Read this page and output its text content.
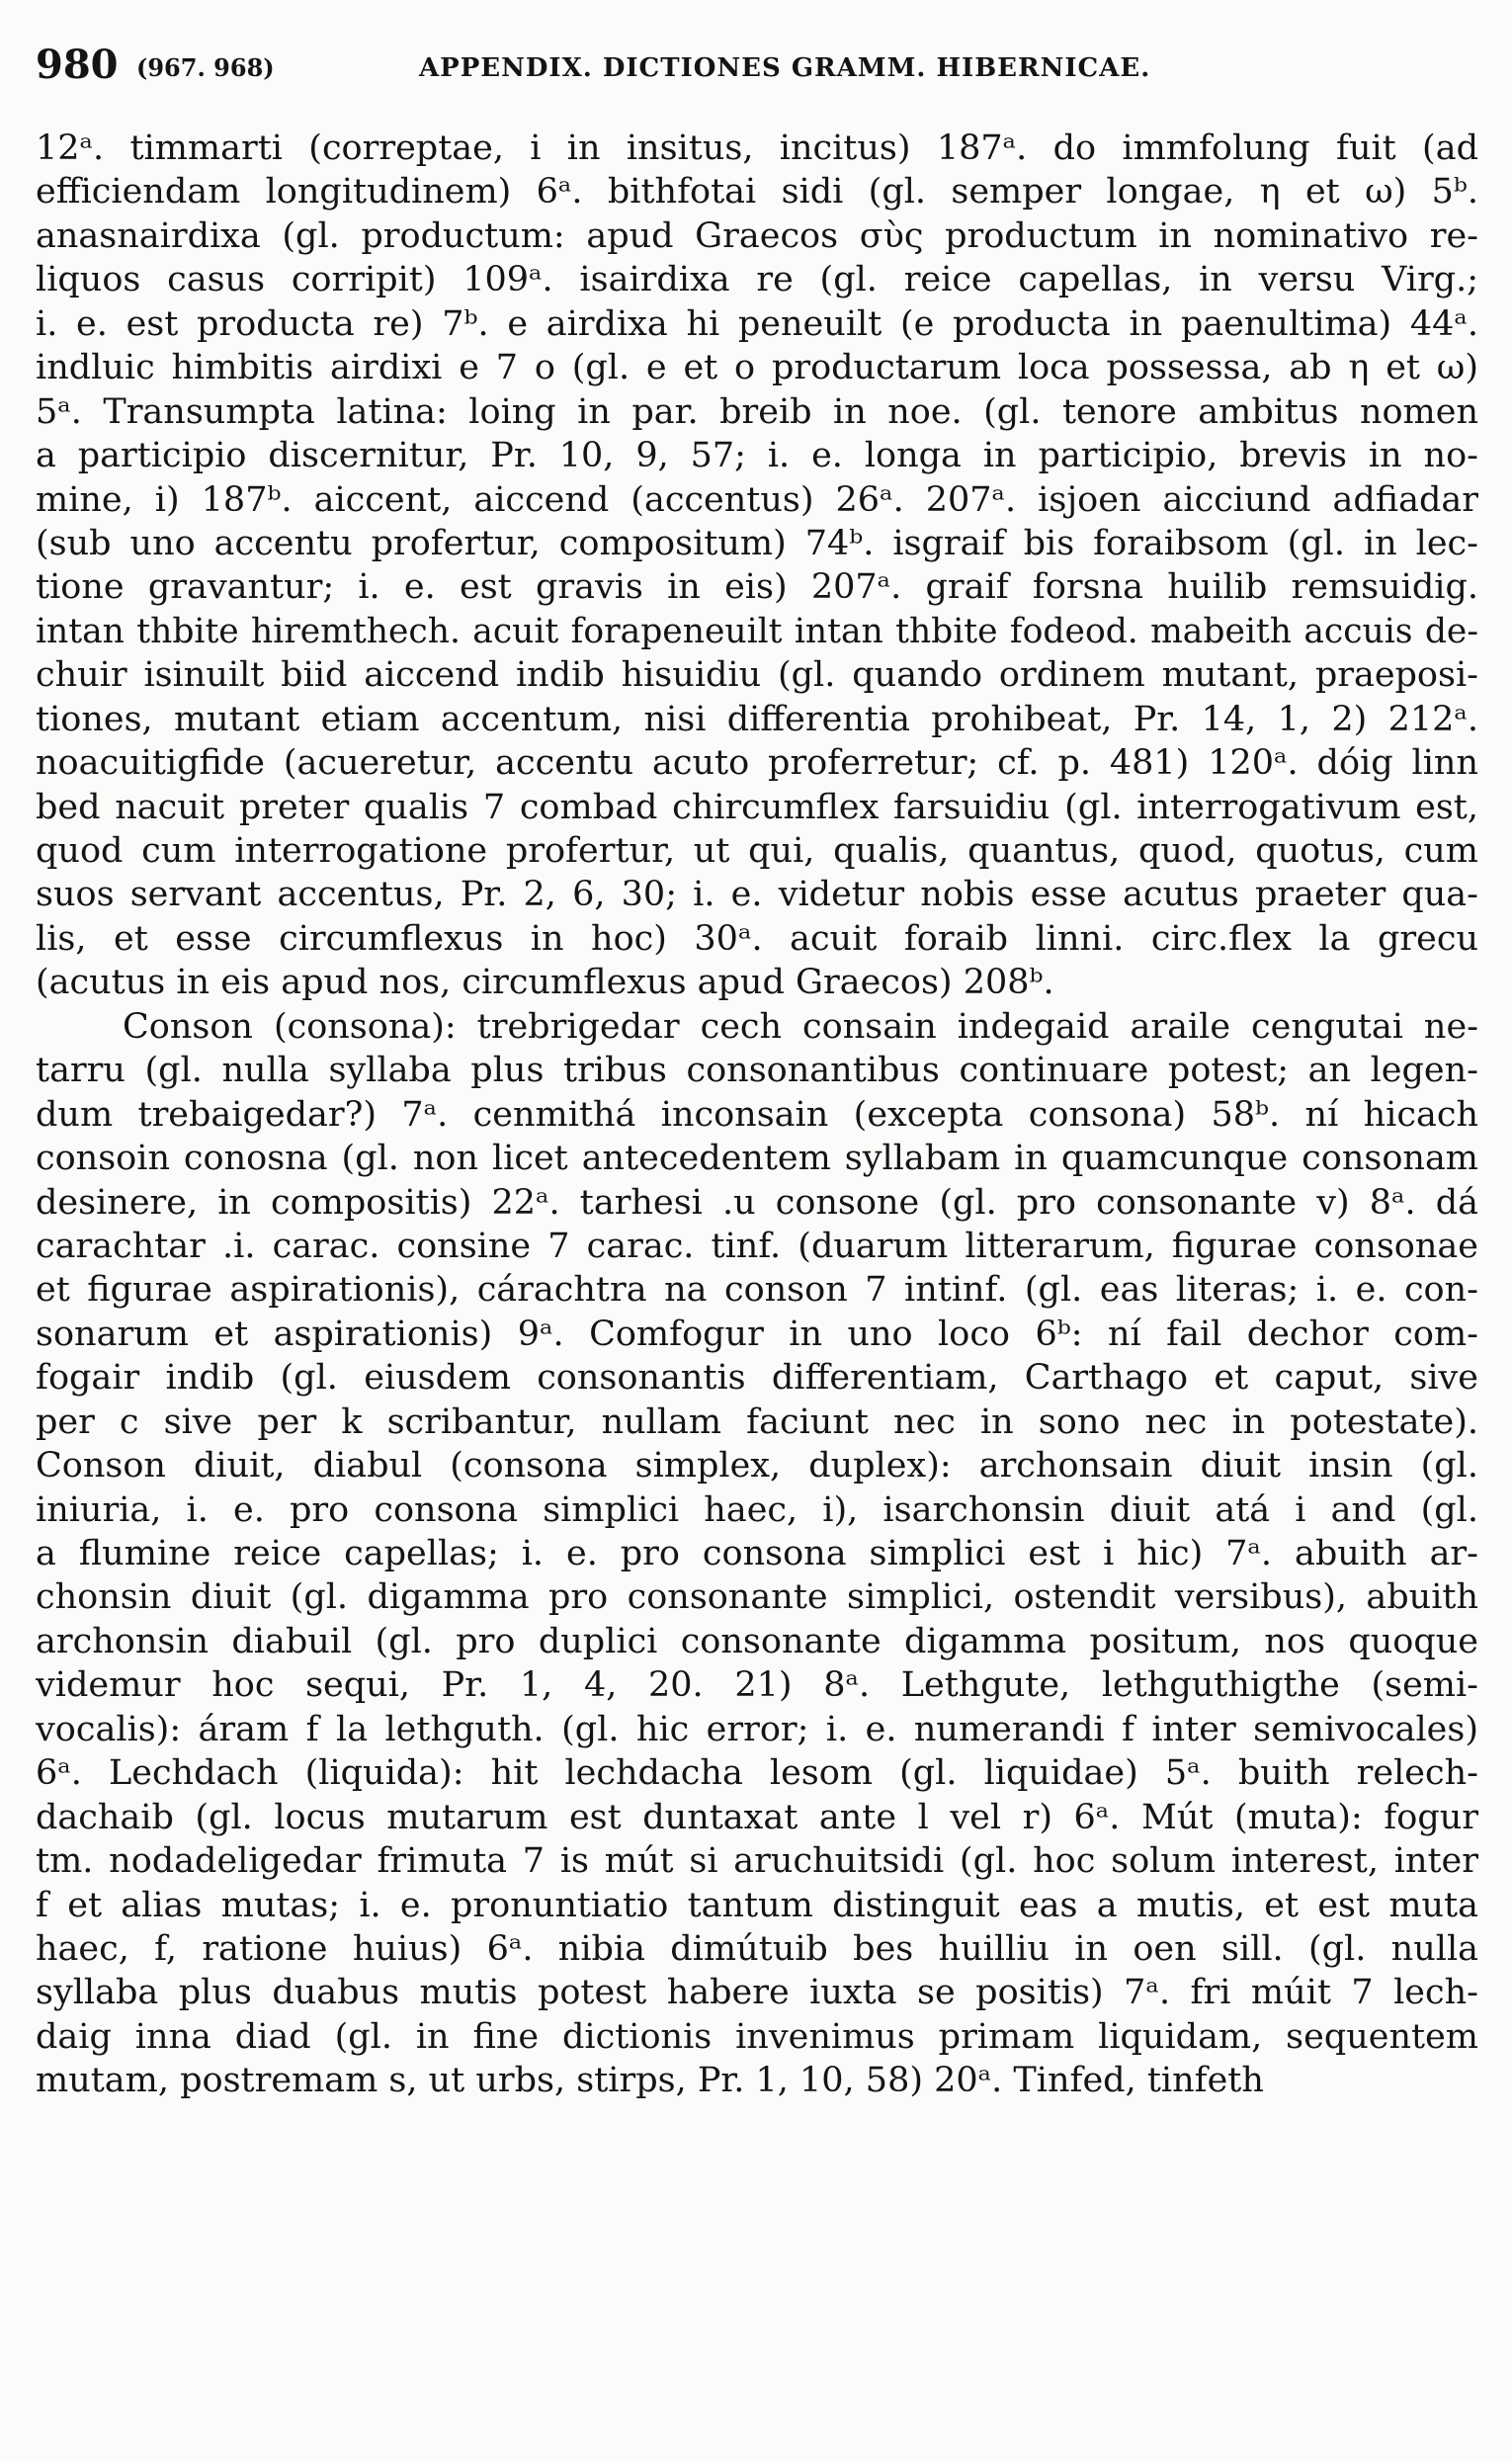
980 (967. 968)	APPENDIX. DICTIONES GRAMM. HIBERNICAE.
12ᵃ. timmarti (correptae, i in insitus, incitus) 187ᵃ. do immfolung fuit (ad
efficiendam longitudinem) 6ᵃ. bithfotai sidi (gl. semper longae, η et ω) 5ᵇ.
anasnairdixa (gl. productum: apud Graecos σὺς productum in nominativo re-
liquos casus corripit) 109ᵃ. isairdixa re (gl. reice capellas, in versu Virg.;
i. e. est producta re) 7ᵇ. e airdixa hi peneuilt (e producta in paenultima) 44ᵃ.
indluic himbitis airdixi e 7 o (gl. e et o productarum loca possessa, ab η et ω)
5ᵃ. Transumpta latina: loing in par. breib in noe. (gl. tenore ambitus nomen
a participio discernitur, Pr. 10, 9, 57; i. e. longa in participio, brevis in no-
mine, i) 187ᵇ. aiccent, aiccend (accentus) 26ᵃ. 207ᵃ. isjoen aicciund adfiadar
(sub uno accentu profertur, compositum) 74ᵇ. isgraif bis foraibsom (gl. in lec-
tione gravantur; i. e. est gravis in eis) 207ᵃ. graif forsna huilib remsuidig.
intan thbite hiremthech. acuit forapeneuilt intan thbite fodeod. mabeith accuis de-
chuir isinuilt biid aiccend indib hisuidiu (gl. quando ordinem mutant, praeposi-
tiones, mutant etiam accentum, nisi differentia prohibeat, Pr. 14, 1, 2) 212ᵃ.
noacuitigfide (acueretur, accentu acuto proferretur; cf. p. 481) 120ᵃ. dóig linn
bed nacuit preter qualis 7 combad chircumflex farsuidiu (gl. interrogativum est,
quod cum interrogatione profertur, ut qui, qualis, quantus, quod, quotus, cum
suos servant accentus, Pr. 2, 6, 30; i. e. videtur nobis esse acutus praeter qua-
lis, et esse circumflexus in hoc) 30ᵃ. acuit foraib linni. circ.flex la grecu
(acutus in eis apud nos, circumflexus apud Graecos) 208ᵇ.
Conson (consona): trebrigedar cech consain indegaid araile cengutai ne-
tarru (gl. nulla syllaba plus tribus consonantibus continuare potest; an legen-
dum trebaigedar?) 7ᵃ. cenmithá inconsain (excepta consona) 58ᵇ. ní hicach
consoin conosna (gl. non licet antecedentem syllabam in quamcunque consonam
desinere, in compositis) 22ᵃ. tarhesi .u consone (gl. pro consonante v) 8ᵃ. dá
carachtar .i. carac. consine 7 carac. tinf. (duarum litterarum, figurae consonae
et figurae aspirationis), cárachtra na conson 7 intinf. (gl. eas literas; i. e. con-
sonarum et aspirationis) 9ᵃ. Comfogur in uno loco 6ᵇ: ní fail dechor com-
fogair indib (gl. eiusdem consonantis differentiam, Carthago et caput, sive
per c sive per k scribantur, nullam faciunt nec in sono nec in potestate).
Conson diuit, diabul (consona simplex, duplex): archonsain diuit insin (gl.
iniuria, i. e. pro consona simplici haec, i), isarchonsin diuit atá i and (gl.
a flumine reice capellas; i. e. pro consona simplici est i hic) 7ᵃ. abuith ar-
chonsin diuit (gl. digamma pro consonante simplici, ostendit versibus), abuith
archonsin diabuil (gl. pro duplici consonante digamma positum, nos quoque
videmur hoc sequi, Pr. 1, 4, 20. 21) 8ᵃ. Lethgute, lethguthigthe (semi-
vocalis): áram f la lethguth. (gl. hic error; i. e. numerandi f inter semivocales)
6ᵃ. Lechdach (liquida): hit lechdacha lesom (gl. liquidae) 5ᵃ. buith relech-
dachaib (gl. locus mutarum est duntaxat ante l vel r) 6ᵃ. Mút (muta): fogur
tm. nodadeligedar frimuta 7 is mút si aruchuitsidi (gl. hoc solum interest, inter
f et alias mutas; i. e. pronuntiatio tantum distinguit eas a mutis, et est muta
haec, f, ratione huius) 6ᵃ. nibia dimútuib bes huilliu in oen sill. (gl. nulla
syllaba plus duabus mutis potest habere iuxta se positis) 7ᵃ. fri múit 7 lech-
daig inna diad (gl. in fine dictionis invenimus primam liquidam, sequentem
mutam, postremam s, ut urbs, stirps, Pr. 1, 10, 58) 20ᵃ. Tinfed, tinfeth
